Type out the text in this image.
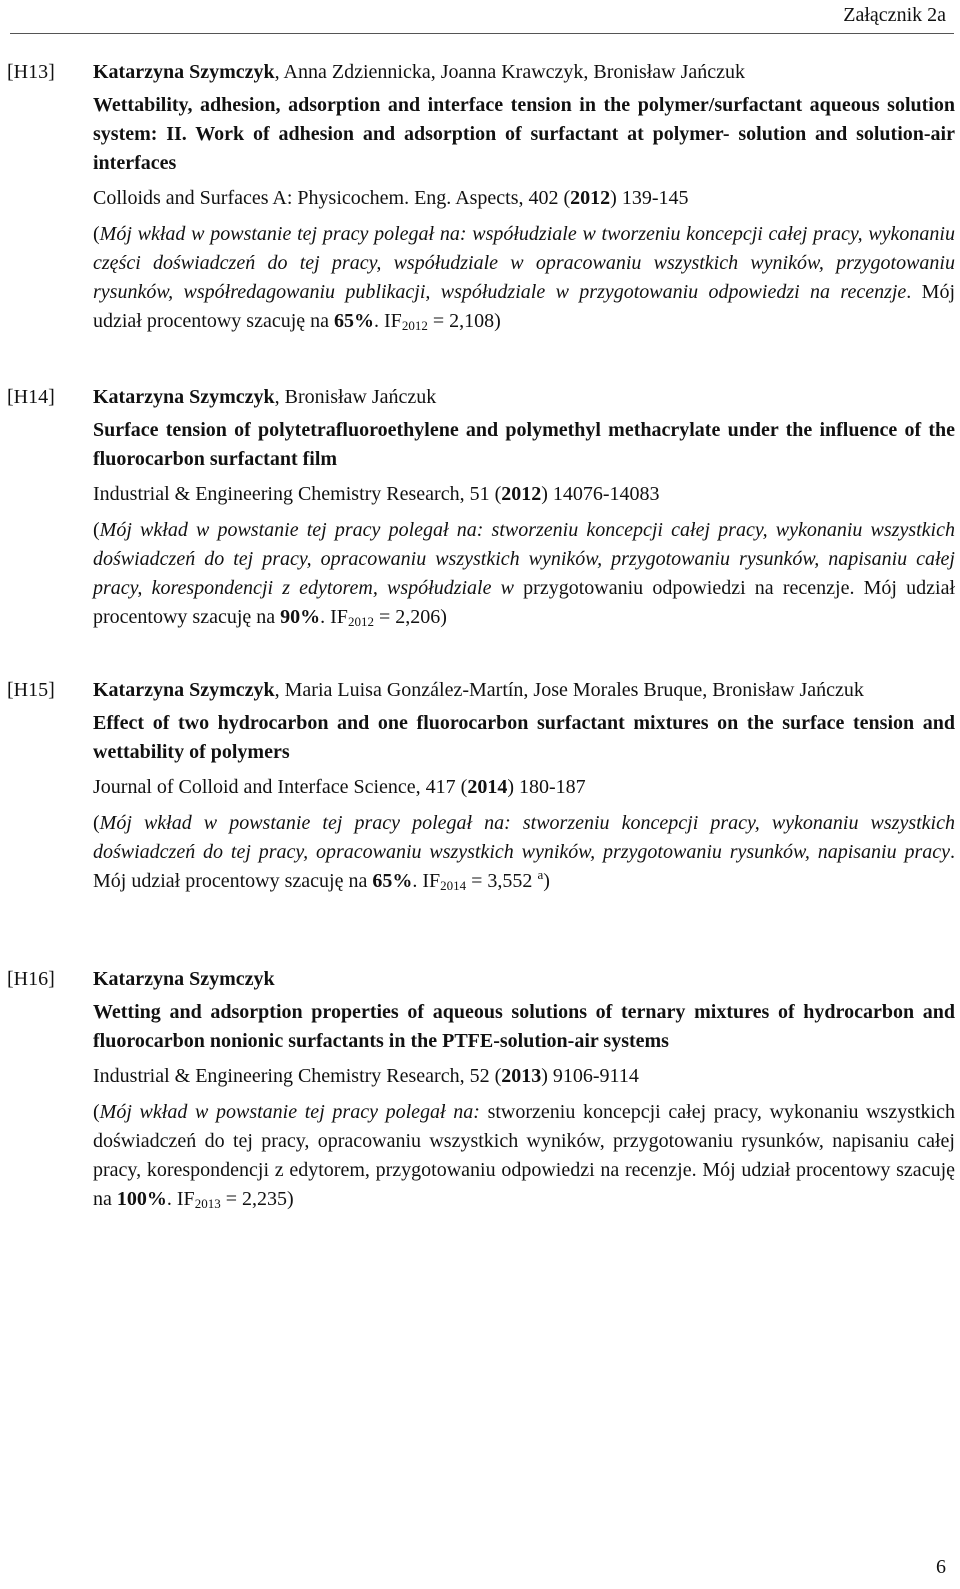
Załącznik 2a
[H13] Katarzyna Szymczyk, Anna Zdziennicka, Joanna Krawczyk, Bronisław Jańczuk

Wettability, adhesion, adsorption and interface tension in the polymer/surfactant aqueous solution system: II. Work of adhesion and adsorption of surfactant at polymer- solution and solution-air interfaces

Colloids and Surfaces A: Physicochem. Eng. Aspects, 402 (2012) 139-145

(Mój wkład w powstanie tej pracy polegał na: współudziale w tworzeniu koncepcji całej pracy, wykonaniu części doświadczeń do tej pracy, współudziale w opracowaniu wszystkich wyników, przygotowaniu rysunków, współredagowaniu publikacji, współudziale w przygotowaniu odpowiedzi na recenzje. Mój udział procentowy szacuję na 65%. IF2012 = 2,108)

[H14] Katarzyna Szymczyk, Bronisław Jańczuk

Surface tension of polytetrafluoroethylene and polymethyl methacrylate under the influence of the fluorocarbon surfactant film

Industrial & Engineering Chemistry Research, 51 (2012) 14076-14083

(Mój wkład w powstanie tej pracy polegał na: stworzeniu koncepcji całej pracy, wykonaniu wszystkich doświadczeń do tej pracy, opracowaniu wszystkich wyników, przygotowaniu rysunków, napisaniu całej pracy, korespondencji z edytorem, współudziale w przygotowaniu odpowiedzi na recenzje. Mój udział procentowy szacuję na 90%. IF2012 = 2,206)

[H15] Katarzyna Szymczyk, Maria Luisa González-Martín, Jose Morales Bruque, Bronisław Jańczuk

Effect of two hydrocarbon and one fluorocarbon surfactant mixtures on the surface tension and wettability of polymers

Journal of Colloid and Interface Science, 417 (2014) 180-187

(Mój wkład w powstanie tej pracy polegał na: stworzeniu koncepcji pracy, wykonaniu wszystkich doświadczeń do tej pracy, opracowaniu wszystkich wyników, przygotowaniu rysunków, napisaniu pracy. Mój udział procentowy szacuję na 65%. IF2014 = 3,552 $^a$)

[H16] Katarzyna Szymczyk

Wetting and adsorption properties of aqueous solutions of ternary mixtures of hydrocarbon and fluorocarbon nonionic surfactants in the PTFE-solution-air systems

Industrial & Engineering Chemistry Research, 52 (2013) 9106-9114

(Mój wkład w powstanie tej pracy polegał na: stworzeniu koncepcji całej pracy, wykonaniu wszystkich doświadczeń do tej pracy, opracowaniu wszystkich wyników, przygotowaniu rysunków, napisaniu całej pracy, korespondencji z edytorem, przygotowaniu odpowiedzi na recenzje. Mój udział procentowy szacuję na 100%. IF2013 = 2,235)

6
